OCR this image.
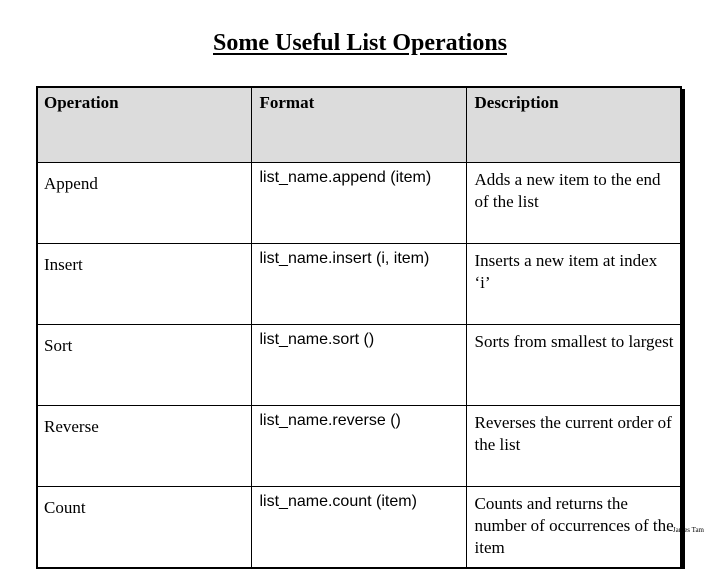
Some Useful List Operations
Operation	Format	Description
Append	list_name.append (item)	Adds a new item to the end of the list
Insert	list_name.insert (i, item)	Inserts a new item at index ‘i’
Sort	list_name.sort ()	Sorts from smallest to largest
Reverse	list_name.reverse ()	Reverses the current order of the list
Count	list_name.count (item)	Counts and returns the number of occurrences of the item
James Tam
